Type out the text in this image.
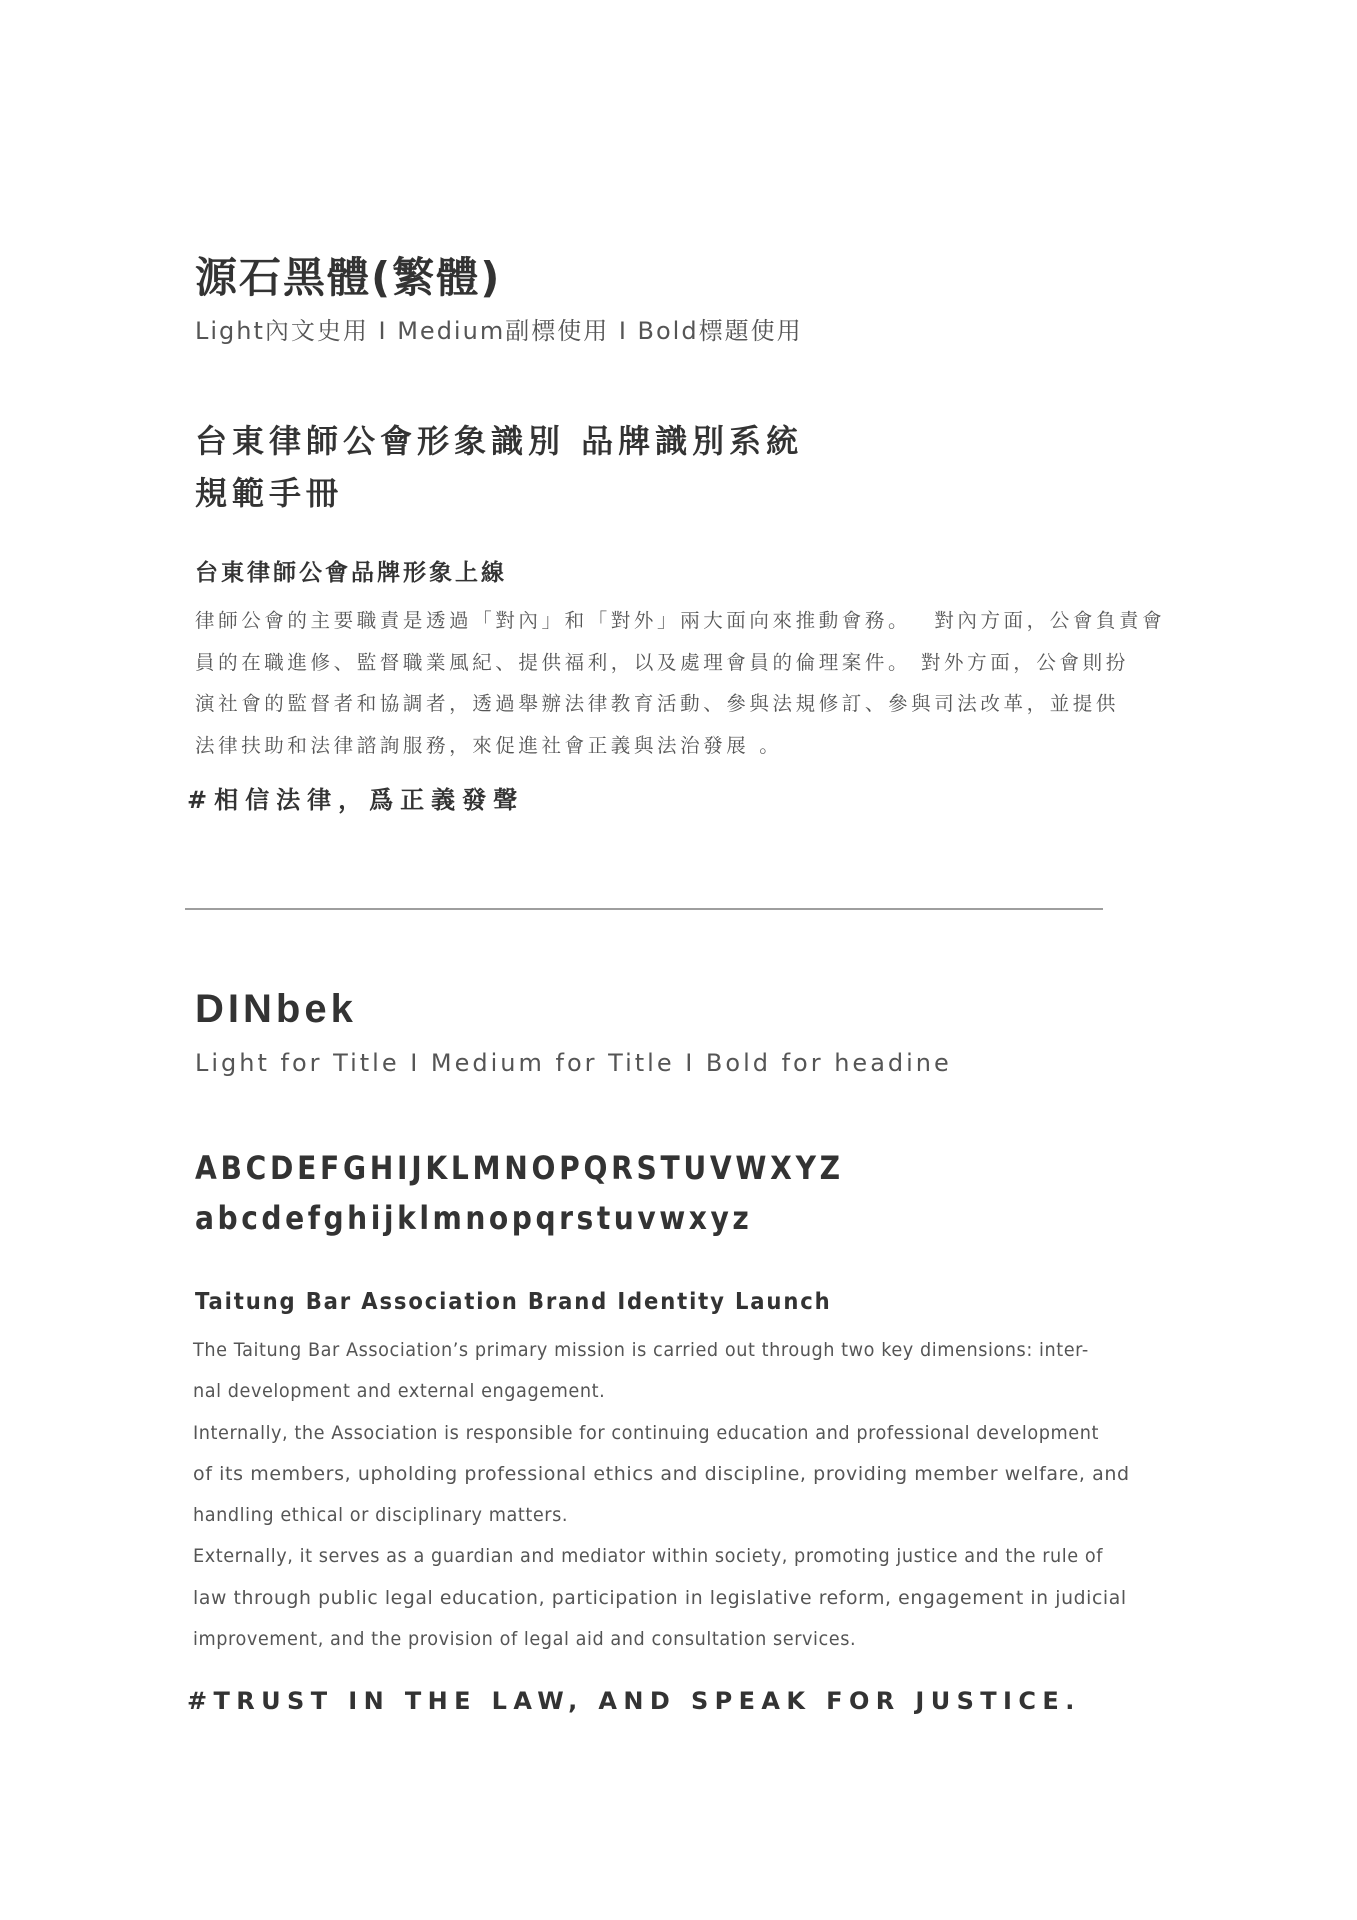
源石黑體(繁體)
Light內文史用 I Medium副標使用 I Bold標題使用
台東律師公會形象識別 品牌識別系統
規範手冊
台東律師公會品牌形象上線
律師公會的主要職責是透過「對內」和「對外」兩大面向來推動會務。　 對內方面，公會負責會
員的在職進修、監督職業風紀、提供福利，以及處理會員的倫理案件。 對外方面，公會則扮
演社會的監督者和協調者，透過舉辦法律教育活動、參與法規修訂、參與司法改革，並提供
法律扶助和法律諮詢服務，來促進社會正義與法治發展 。
#相信法律，爲正義發聲
DINbek
Light for Title I Medium for Title I Bold for headine
ABCDEFGHIJKLMNOPQRSTUVWXYZ
abcdefghijklmnopqrstuvwxyz
Taitung Bar Association Brand Identity Launch
The Taitung Bar Association’s primary mission is carried out through two key dimensions: inter-
nal development and external engagement.
Internally, the Association is responsible for continuing education and professional development
of its members, upholding professional ethics and discipline, providing member welfare, and
handling ethical or disciplinary matters.
Externally, it serves as a guardian and mediator within society, promoting justice and the rule of
law through public legal education, participation in legislative reform, engagement in judicial
improvement, and the provision of legal aid and consultation services.
#TRUST IN THE LAW, AND SPEAK FOR JUSTICE.
